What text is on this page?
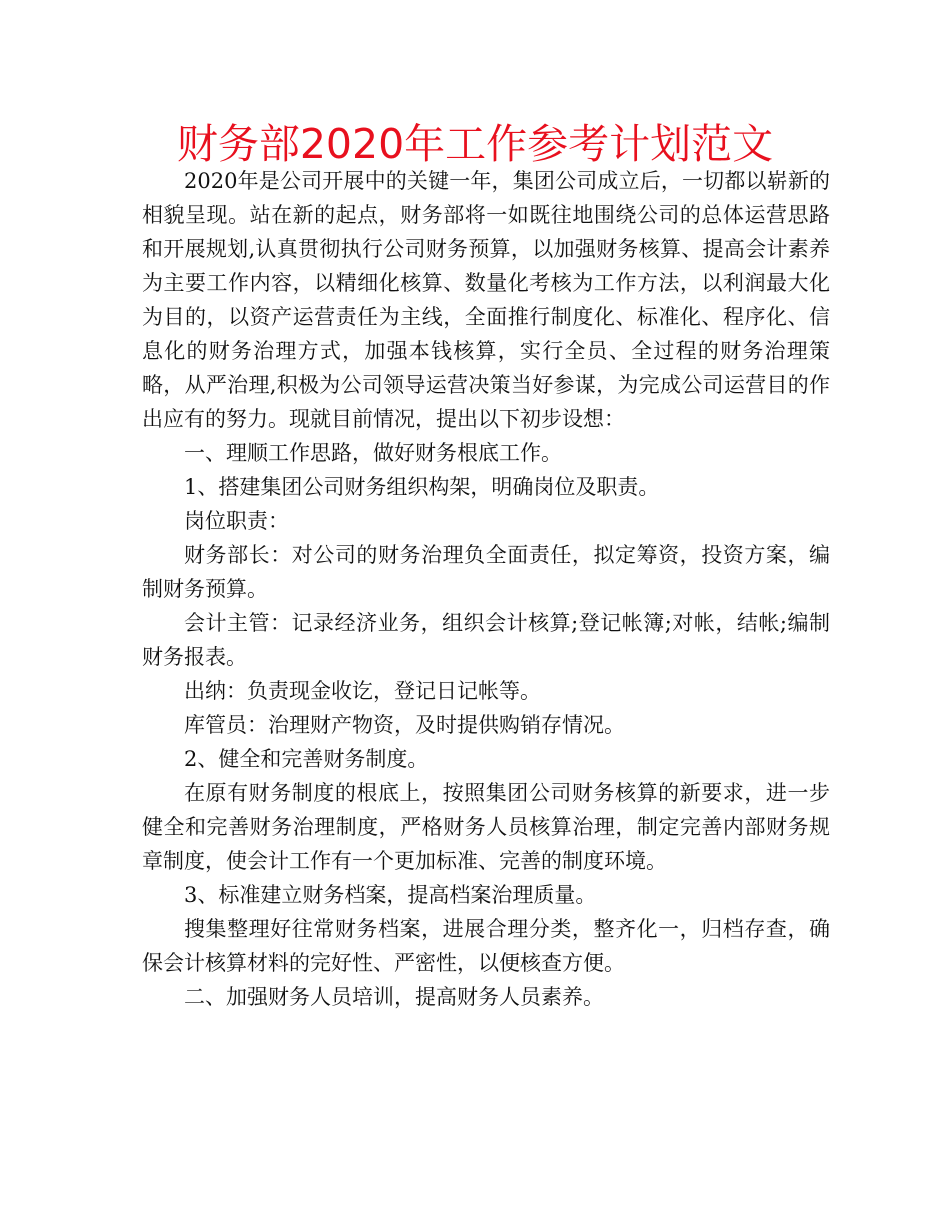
财务部2020年工作参考计划范文

2020年是公司开展中的关键一年，集团公司成立后，一切都以崭新的相貌呈现。站在新的起点，财务部将一如既往地围绕公司的总体运营思路和开展规划,认真贯彻执行公司财务预算，以加强财务核算、提高会计素养为主要工作内容，以精细化核算、数量化考核为工作方法，以利润最大化为目的，以资产运营责任为主线，全面推行制度化、标准化、程序化、信息化的财务治理方式，加强本钱核算，实行全员、全过程的财务治理策略，从严治理,积极为公司领导运营决策当好参谋，为完成公司运营目的作出应有的努力。现就目前情况，提出以下初步设想：

一、理顺工作思路，做好财务根底工作。

1、搭建集团公司财务组织构架，明确岗位及职责。

岗位职责：

财务部长：对公司的财务治理负全面责任，拟定筹资，投资方案，编制财务预算。

会计主管：记录经济业务，组织会计核算;登记帐簿;对帐，结帐;编制财务报表。

出纳：负责现金收讫，登记日记帐等。

库管员：治理财产物资，及时提供购销存情况。

2、健全和完善财务制度。

在原有财务制度的根底上，按照集团公司财务核算的新要求，进一步健全和完善财务治理制度，严格财务人员核算治理，制定完善内部财务规章制度，使会计工作有一个更加标准、完善的制度环境。

3、标准建立财务档案，提高档案治理质量。

搜集整理好往常财务档案，进展合理分类，整齐化一，归档存查，确保会计核算材料的完好性、严密性，以便核查方便。

二、加强财务人员培训，提高财务人员素养。
